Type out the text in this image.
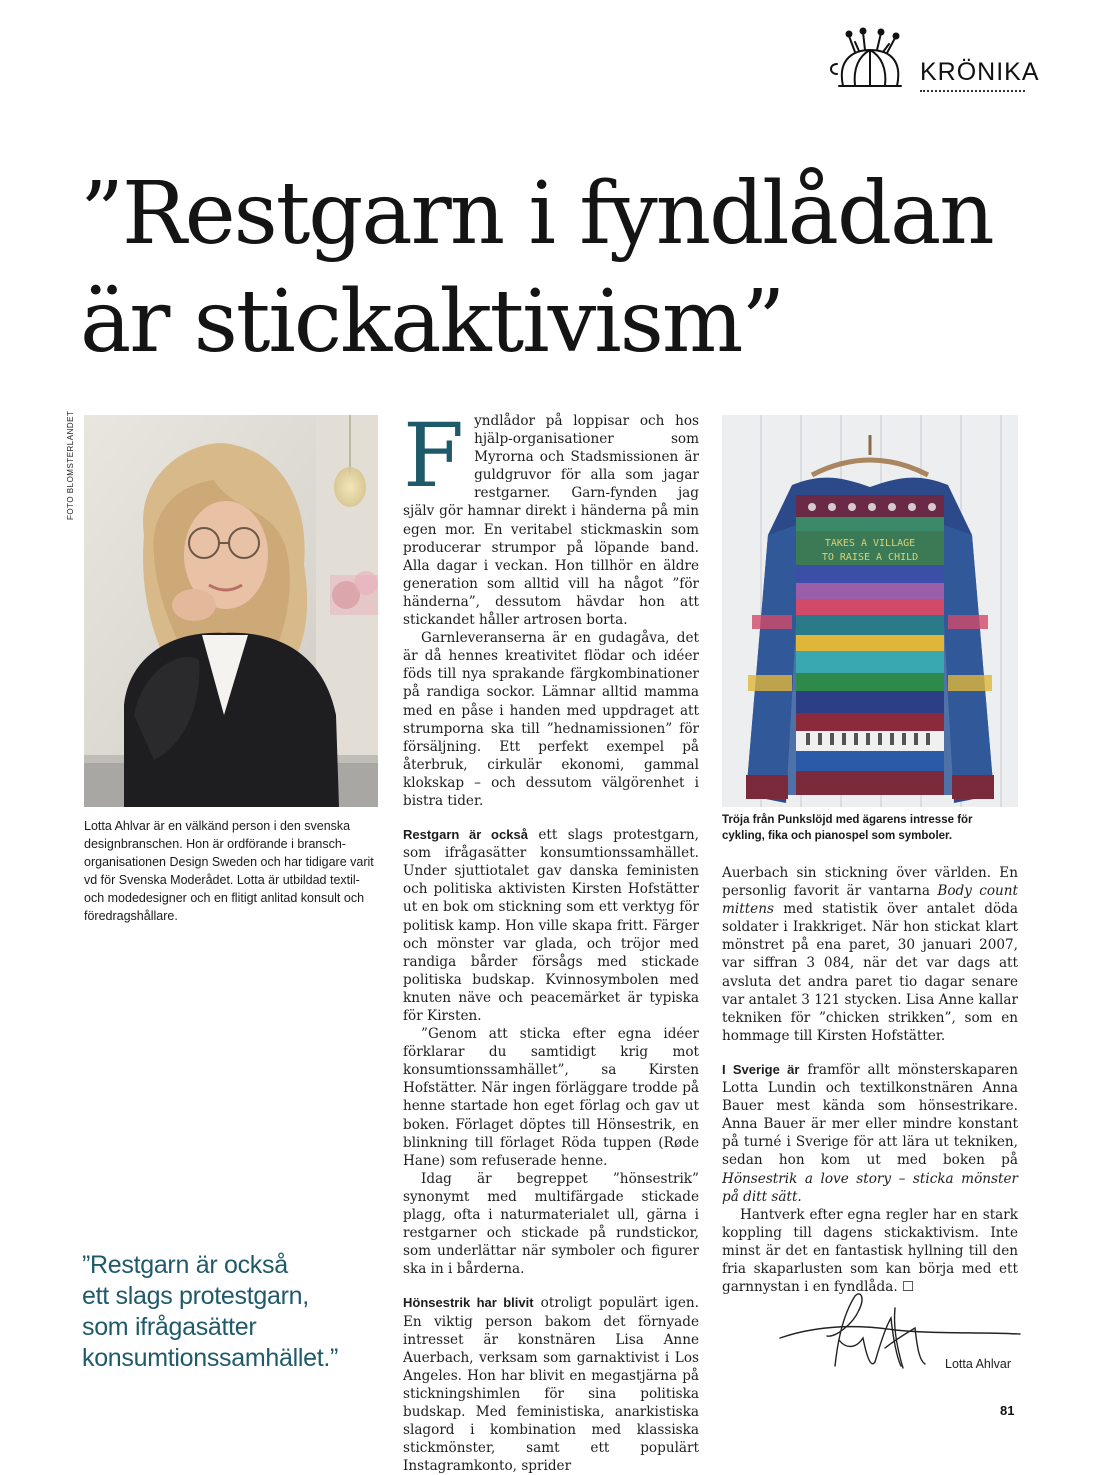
KRÖNIKA
”Restgarn i fyndlådan
är stickaktivism”
FOTO BLOMSTERLANDET
TAKES A VILLAGE
TO RAISE A CHILD
Lotta Ahlvar är en välkänd person i den svenska designbranschen. Hon är ordförande i bransch-organisationen Design Sweden och har tidigare varit vd för Svenska Moderådet. Lotta är utbildad textil- och modedesigner och en flitigt anlitad konsult och föredragshållare.
Tröja från Punkslöjd med ägarens intresse för cykling, fika och pianospel som symboler.
”Restgarn är också
ett slags protestgarn,
som ifrågasätter
konsumtionssamhället.”

Fyndlådor på loppisar och hos hjälp-organisationer som Myrorna och Stadsmissionen är guldgruvor för alla som jagar restgarner. Garn-fynden jag själv gör hamnar direkt i händerna på min egen mor. En veritabel stickmaskin som producerar strumpor på löpande band. Alla dagar i veckan. Hon tillhör en äldre generation som alltid vill ha något ”för händerna”, dessutom hävdar hon att stickandet håller artrosen borta.

Garnleveranserna är en gudagåva, det är då hennes kreativitet flödar och idéer föds till nya sprakande färgkombinationer på randiga sockor. Lämnar alltid mamma med en påse i handen med uppdraget att strumporna ska till ”hednamissionen” för försäljning. Ett perfekt exempel på återbruk, cirkulär ekonomi, gammal klokskap – och dessutom välgörenhet i bistra tider.

Restgarn är också ett slags protestgarn, som ifrågasätter konsumtionssamhället. Under sjuttiotalet gav danska feministen och politiska aktivisten Kirsten Hofstätter ut en bok om stickning som ett verktyg för politisk kamp. Hon ville skapa fritt. Färger och mönster var glada, och tröjor med randiga bårder försågs med stickade politiska budskap. Kvinnosymbolen med knuten näve och peacemärket är typiska för Kirsten.

”Genom att sticka efter egna idéer förklarar du samtidigt krig mot konsumtionssamhället”, sa Kirsten Hofstätter. När ingen förläggare trodde på henne startade hon eget förlag och gav ut boken. Förlaget döptes till Hönsestrik, en blinkning till förlaget Röda tuppen (Røde Hane) som refuserade henne.

Idag är begreppet ”hönsestrik” synonymt med multifärgade stickade plagg, ofta i naturmaterialet ull, gärna i restgarner och stickade på rundstickor, som underlättar när symboler och figurer ska in i bårderna.

Hönsestrik har blivit otroligt populärt igen. En viktig person bakom det förnyade intresset är konstnären Lisa Anne Auerbach, verksam som garnaktivist i Los Angeles. Hon har blivit en megastjärna på stickningshimlen för sina politiska budskap. Med feministiska, anarkistiska slagord i kombination med klassiska stickmönster, samt ett populärt Instagramkonto, sprider

Auerbach sin stickning över världen. En personlig favorit är vantarna Body count mittens med statistik över antalet döda soldater i Irakkriget. När hon stickat klart mönstret på ena paret, 30 januari 2007, var siffran 3 084, när det var dags att avsluta det andra paret tio dagar senare var antalet 3 121 stycken. Lisa Anne kallar tekniken för ”chicken strikken”, som en hommage till Kirsten Hofstätter.

I Sverige är framför allt mönsterskaparen Lotta Lundin och textilkonstnären Anna Bauer mest kända som hönsestrikare. Anna Bauer är mer eller mindre konstant på turné i Sverige för att lära ut tekniken, sedan hon kom ut med boken på Hönsestrik a love story – sticka mönster på ditt sätt.

Hantverk efter egna regler har en stark koppling till dagens stickaktivism. Inte minst är det en fantastisk hyllning till den fria skaparlusten som kan börja med ett garnnystan i en fyndlåda. ☐

Lotta Ahlvar
81
